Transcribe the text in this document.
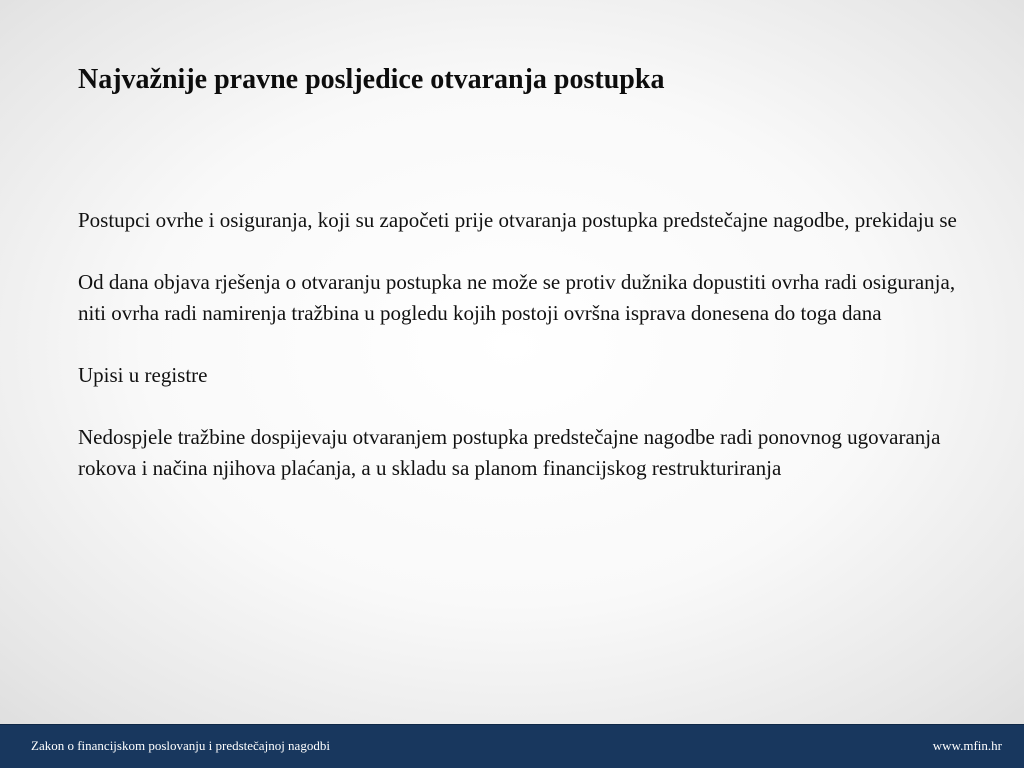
Najvažnije pravne posljedice otvaranja postupka

Postupci ovrhe i osiguranja, koji su započeti prije otvaranja postupka predstečajne nagodbe, prekidaju se

Od dana objava rješenja o otvaranju postupka ne može se protiv dužnika dopustiti ovrha radi osiguranja, niti ovrha radi namirenja tražbina u pogledu kojih postoji ovršna isprava donesena do toga dana

Upisi u registre

Nedospjele tražbine dospijevaju otvaranjem postupka predstečajne nagodbe radi ponovnog ugovaranja rokova i načina njihova plaćanja, a u skladu sa planom financijskog restrukturiranja

Zakon o financijskom poslovanju i predstečajnoj nagodbi	www.mfin.hr
